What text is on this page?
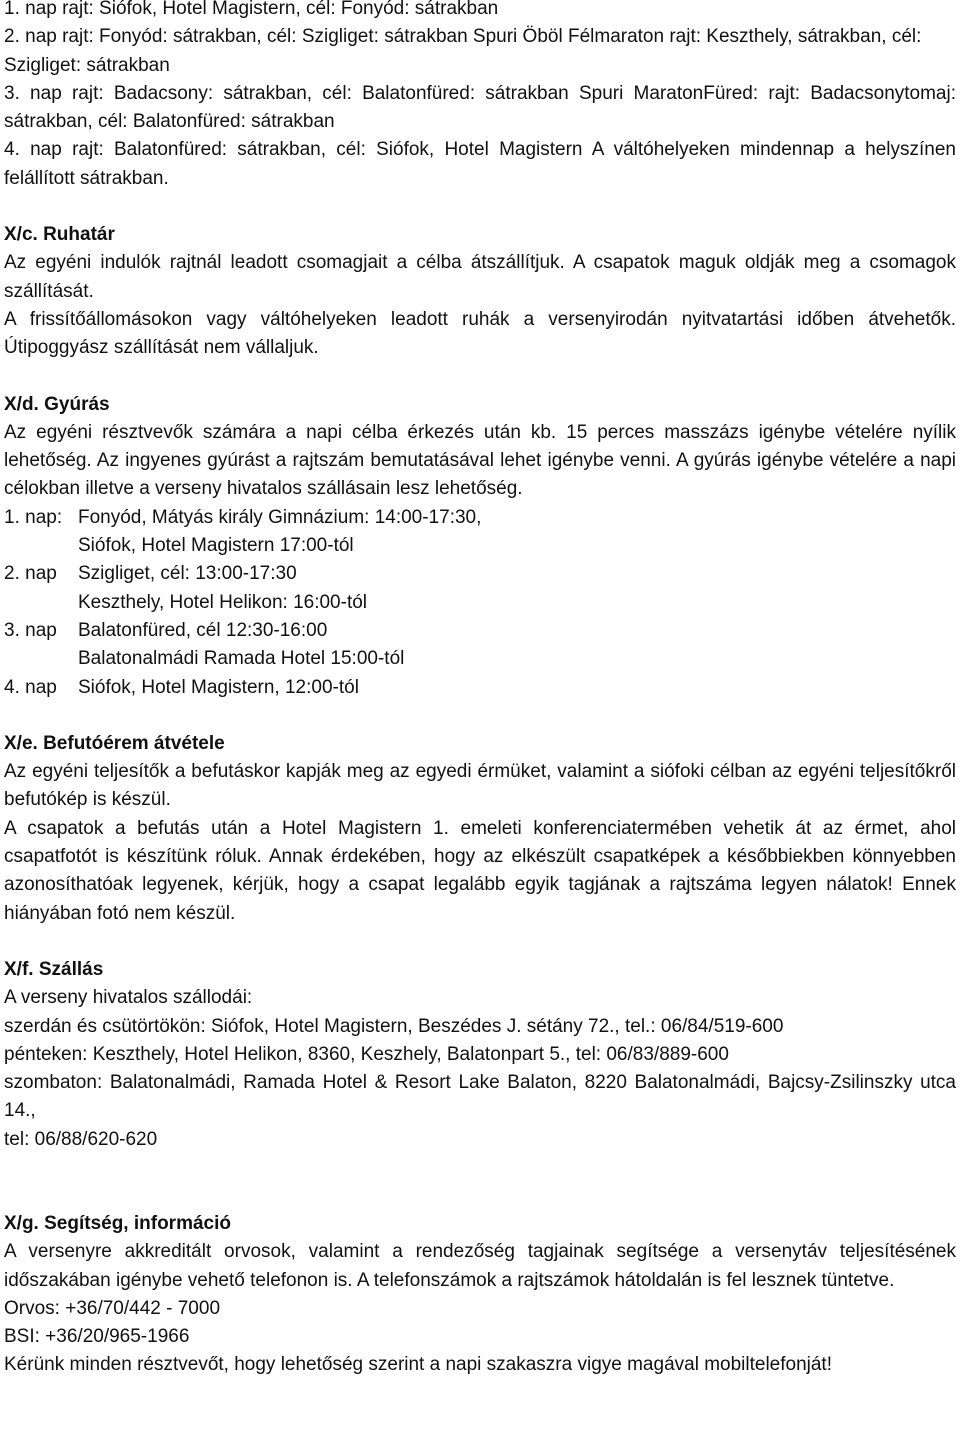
1. nap rajt: Siófok, Hotel Magistern, cél: Fonyód: sátrakban

2. nap rajt: Fonyód: sátrakban, cél: Szigliget: sátrakban Spuri Öböl Félmaraton rajt: Keszthely, sátrakban, cél:

Szigliget: sátrakban

3. nap rajt: Badacsony: sátrakban, cél: Balatonfüred: sátrakban Spuri MaratonFüred: rajt: Badacsonytomaj: sátrakban, cél: Balatonfüred: sátrakban

4. nap rajt: Balatonfüred: sátrakban, cél: Siófok, Hotel Magistern A váltóhelyeken mindennap a helyszínen felállított sátrakban.

X/c. Ruhatár

Az egyéni indulók rajtnál leadott csomagjait a célba átszállítjuk. A csapatok maguk oldják meg a csomagok szállítását.

A frissítőállomásokon vagy váltóhelyeken leadott ruhák a versenyirodán nyitvatartási időben átvehetők. Útipoggyász szállítását nem vállaljuk.

X/d. Gyúrás

Az egyéni résztvevők számára a napi célba érkezés után kb. 15 perces masszázs igénybe vételére nyílik lehetőség. Az ingyenes gyúrást a rajtszám bemutatásával lehet igénybe venni. A gyúrás igénybe vételére a napi célokban illetve a verseny hivatalos szállásain lesz lehetőség.

1. nap: Fonyód, Mátyás király Gimnázium: 14:00-17:30,
Siófok, Hotel Magistern 17:00-tól
2. nap	Szigliget, cél: 13:00-17:30
Keszthely, Hotel Helikon: 16:00-tól
3. nap	Balatonfüred, cél 12:30-16:00
Balatonalmádi Ramada Hotel 15:00-tól
4. nap	Siófok, Hotel Magistern, 12:00-tól

X/e. Befutóérem átvétele

Az egyéni teljesítők a befutáskor kapják meg az egyedi érmüket, valamint a siófoki célban az egyéni teljesítőkről befutókép is készül.

A csapatok a befutás után a Hotel Magistern 1. emeleti konferenciatermében vehetik át az érmet, ahol csapatfotót is készítünk róluk. Annak érdekében, hogy az elkészült csapatképek a későbbiekben könnyebben azonosíthatóak legyenek, kérjük, hogy a csapat legalább egyik tagjának a rajtszáma legyen nálatok! Ennek hiányában fotó nem készül.

X/f. Szállás

A verseny hivatalos szállodái:

szerdán és csütörtökön: Siófok, Hotel Magistern, Beszédes J. sétány 72., tel.: 06/84/519-600

pénteken: Keszthely, Hotel Helikon, 8360, Keszhely, Balatonpart 5., tel: 06/83/889-600

szombaton: Balatonalmádi, Ramada Hotel & Resort Lake Balaton, 8220 Balatonalmádi, Bajcsy-Zsilinszky utca 14.,

tel: 06/88/620-620

X/g. Segítség, információ

A versenyre akkreditált orvosok, valamint a rendezőség tagjainak segítsége a versenytáv teljesítésének időszakában igénybe vehető telefonon is. A telefonszámok a rajtszámok hátoldalán is fel lesznek tüntetve.

Orvos: +36/70/442 - 7000

BSI: +36/20/965-1966

Kérünk minden résztvevőt, hogy lehetőség szerint a napi szakaszra vigye magával mobiltelefonját!
